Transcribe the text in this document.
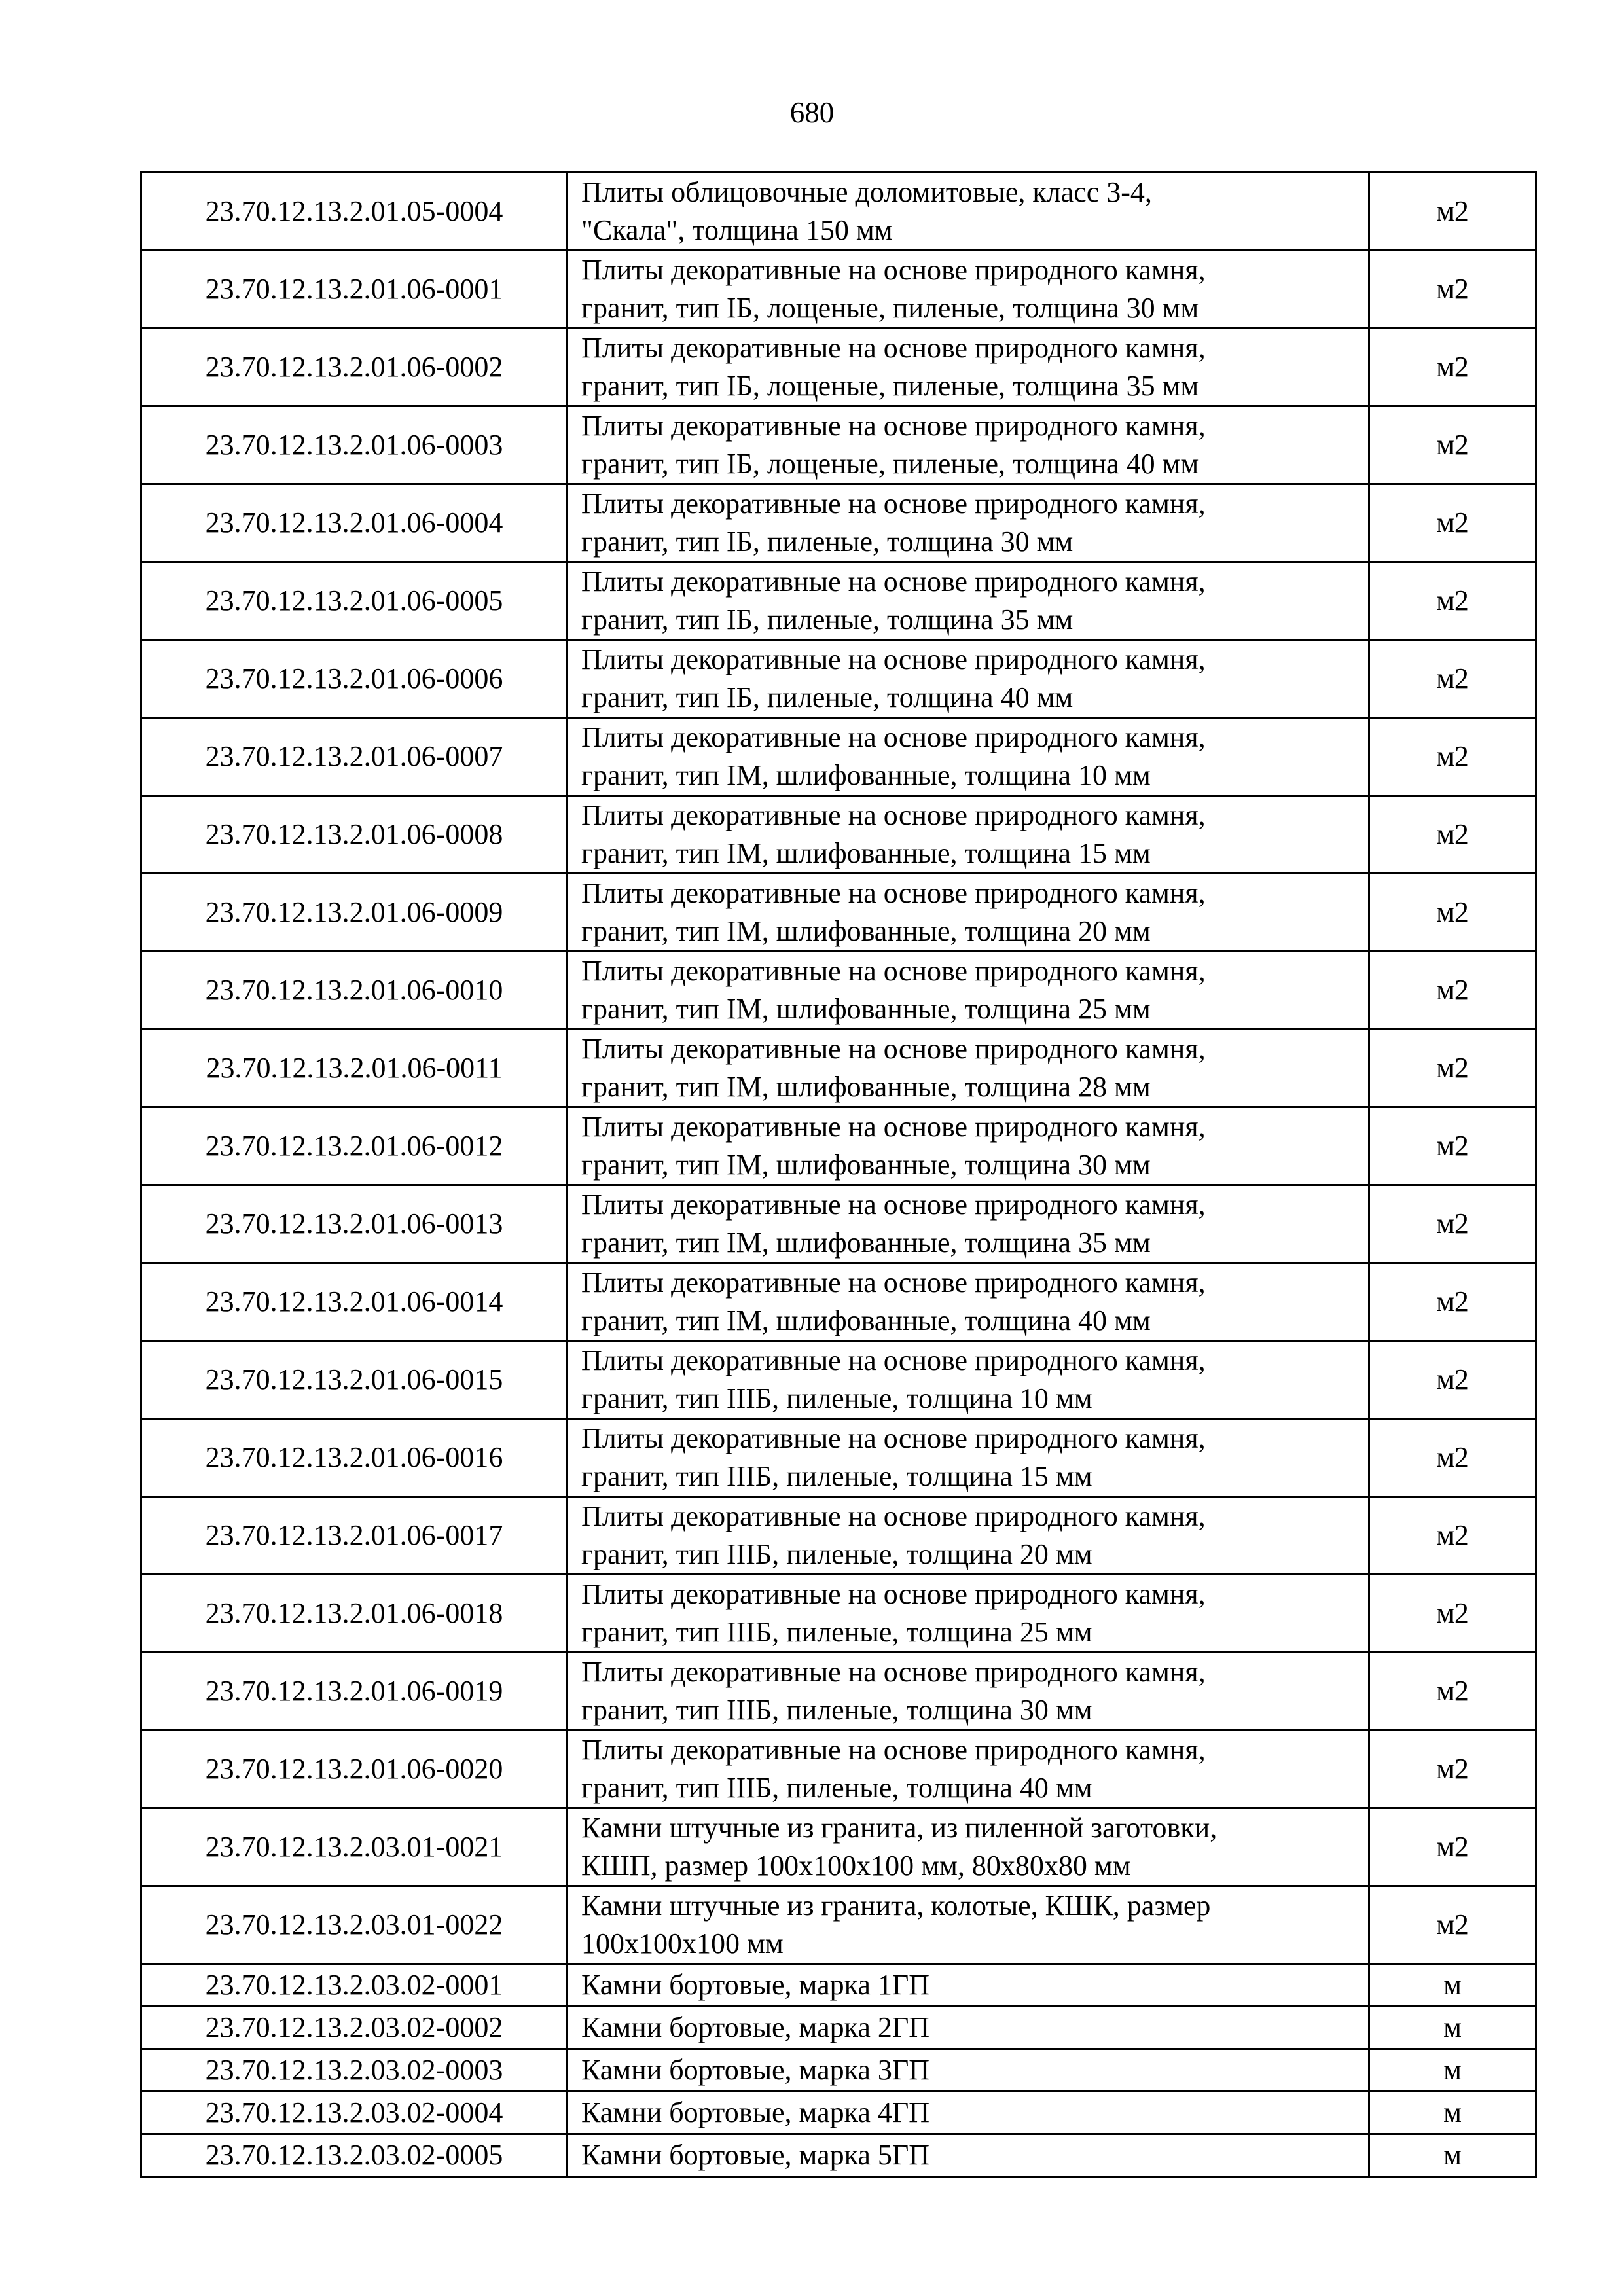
680
23.70.12.13.2.01.05-0004	Плиты облицовочные доломитовые, класс 3-4,
"Скала", толщина 150 мм	м2
23.70.12.13.2.01.06-0001	Плиты декоративные на основе природного камня,
гранит, тип IБ, лощеные, пиленые, толщина 30 мм	м2
23.70.12.13.2.01.06-0002	Плиты декоративные на основе природного камня,
гранит, тип IБ, лощеные, пиленые, толщина 35 мм	м2
23.70.12.13.2.01.06-0003	Плиты декоративные на основе природного камня,
гранит, тип IБ, лощеные, пиленые, толщина 40 мм	м2
23.70.12.13.2.01.06-0004	Плиты декоративные на основе природного камня,
гранит, тип IБ, пиленые, толщина 30 мм	м2
23.70.12.13.2.01.06-0005	Плиты декоративные на основе природного камня,
гранит, тип IБ, пиленые, толщина 35 мм	м2
23.70.12.13.2.01.06-0006	Плиты декоративные на основе природного камня,
гранит, тип IБ, пиленые, толщина 40 мм	м2
23.70.12.13.2.01.06-0007	Плиты декоративные на основе природного камня,
гранит, тип IМ, шлифованные, толщина 10 мм	м2
23.70.12.13.2.01.06-0008	Плиты декоративные на основе природного камня,
гранит, тип IМ, шлифованные, толщина 15 мм	м2
23.70.12.13.2.01.06-0009	Плиты декоративные на основе природного камня,
гранит, тип IМ, шлифованные, толщина 20 мм	м2
23.70.12.13.2.01.06-0010	Плиты декоративные на основе природного камня,
гранит, тип IМ, шлифованные, толщина 25 мм	м2
23.70.12.13.2.01.06-0011	Плиты декоративные на основе природного камня,
гранит, тип IМ, шлифованные, толщина 28 мм	м2
23.70.12.13.2.01.06-0012	Плиты декоративные на основе природного камня,
гранит, тип IМ, шлифованные, толщина 30 мм	м2
23.70.12.13.2.01.06-0013	Плиты декоративные на основе природного камня,
гранит, тип IМ, шлифованные, толщина 35 мм	м2
23.70.12.13.2.01.06-0014	Плиты декоративные на основе природного камня,
гранит, тип IМ, шлифованные, толщина 40 мм	м2
23.70.12.13.2.01.06-0015	Плиты декоративные на основе природного камня,
гранит, тип IIIБ, пиленые, толщина 10 мм	м2
23.70.12.13.2.01.06-0016	Плиты декоративные на основе природного камня,
гранит, тип IIIБ, пиленые, толщина 15 мм	м2
23.70.12.13.2.01.06-0017	Плиты декоративные на основе природного камня,
гранит, тип IIIБ, пиленые, толщина 20 мм	м2
23.70.12.13.2.01.06-0018	Плиты декоративные на основе природного камня,
гранит, тип IIIБ, пиленые, толщина 25 мм	м2
23.70.12.13.2.01.06-0019	Плиты декоративные на основе природного камня,
гранит, тип IIIБ, пиленые, толщина 30 мм	м2
23.70.12.13.2.01.06-0020	Плиты декоративные на основе природного камня,
гранит, тип IIIБ, пиленые, толщина 40 мм	м2
23.70.12.13.2.03.01-0021	Камни штучные из гранита, из пиленной заготовки,
КШП, размер 100х100х100 мм, 80х80х80 мм	м2
23.70.12.13.2.03.01-0022	Камни штучные из гранита, колотые, КШК, размер
100х100х100 мм	м2
23.70.12.13.2.03.02-0001	Камни бортовые, марка 1ГП	м
23.70.12.13.2.03.02-0002	Камни бортовые, марка 2ГП	м
23.70.12.13.2.03.02-0003	Камни бортовые, марка 3ГП	м
23.70.12.13.2.03.02-0004	Камни бортовые, марка 4ГП	м
23.70.12.13.2.03.02-0005	Камни бортовые, марка 5ГП	м
